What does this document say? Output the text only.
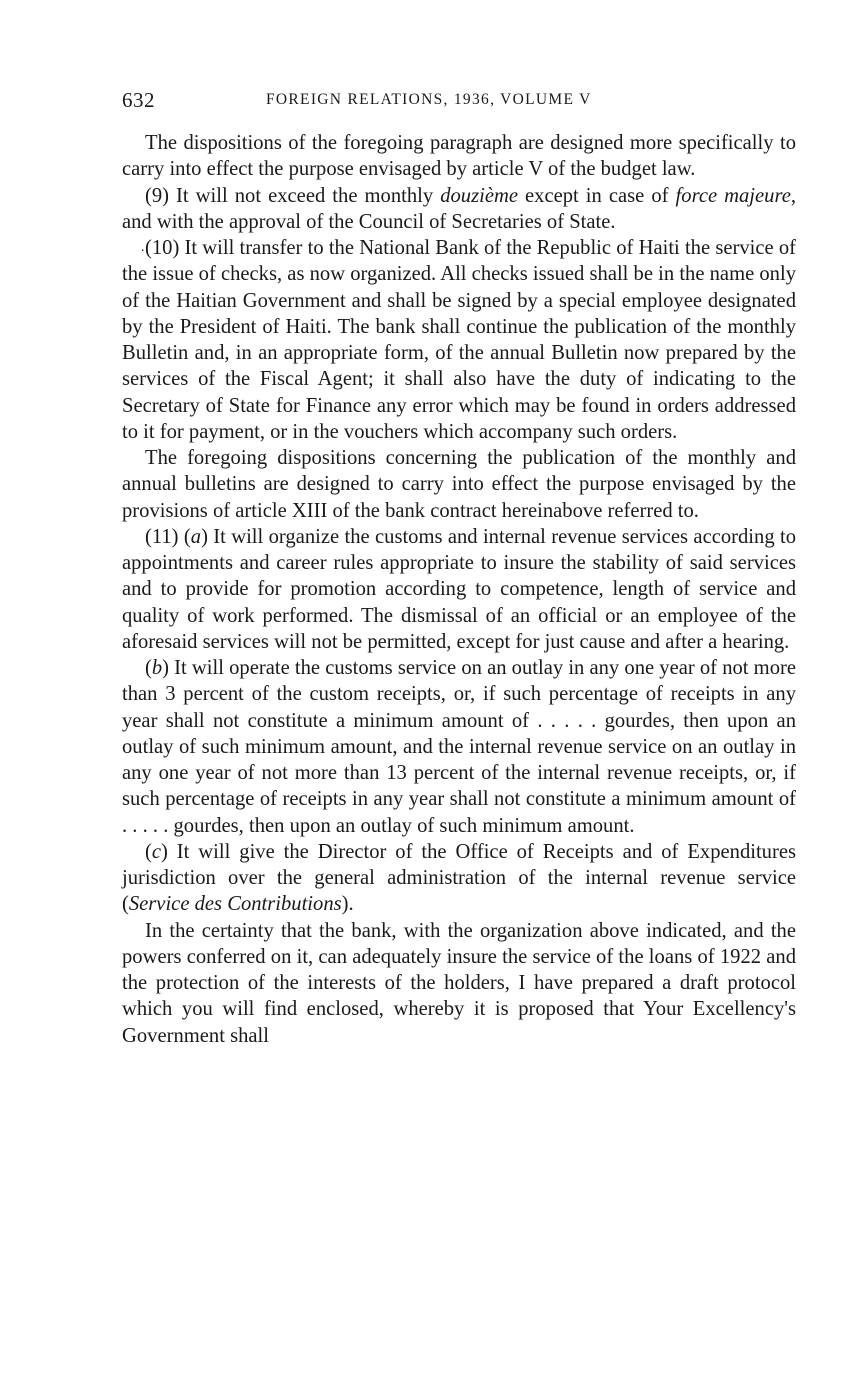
632	FOREIGN RELATIONS, 1936, VOLUME V

The dispositions of the foregoing paragraph are designed more specifically to carry into effect the purpose envisaged by article V of the budget law.

(9) It will not exceed the monthly douzième except in case of force majeure, and with the approval of the Council of Secretaries of State.

. (10) It will transfer to the National Bank of the Republic of Haiti the service of the issue of checks, as now organized. All checks issued shall be in the name only of the Haitian Government and shall be signed by a special employee designated by the President of Haiti. The bank shall continue the publication of the monthly Bulletin and, in an appropriate form, of the annual Bulletin now prepared by the services of the Fiscal Agent; it shall also have the duty of indicating to the Secretary of State for Finance any error which may be found in orders addressed to it for payment, or in the vouchers which accompany such orders.

The foregoing dispositions concerning the publication of the monthly and annual bulletins are designed to carry into effect the purpose envisaged by the provisions of article XIII of the bank contract hereinabove referred to.

(11) (a) It will organize the customs and internal revenue services according to appointments and career rules appropriate to insure the stability of said services and to provide for promotion according to competence, length of service and quality of work performed. The dismissal of an official or an employee of the aforesaid services will not be permitted, except for just cause and after a hearing.

(b) It will operate the customs service on an outlay in any one year of not more than 3 percent of the custom receipts, or, if such percentage of receipts in any year shall not constitute a minimum amount of . . . . . gourdes, then upon an outlay of such minimum amount, and the internal revenue service on an outlay in any one year of not more than 13 percent of the internal revenue receipts, or, if such percentage of receipts in any year shall not constitute a minimum amount of . . . . . gourdes, then upon an outlay of such minimum amount.

(c) It will give the Director of the Office of Receipts and of Expenditures jurisdiction over the general administration of the internal revenue service (Service des Contributions).

In the certainty that the bank, with the organization above indicated, and the powers conferred on it, can adequately insure the service of the loans of 1922 and the protection of the interests of the holders, I have prepared a draft protocol which you will find enclosed, whereby it is proposed that Your Excellency's Government shall
